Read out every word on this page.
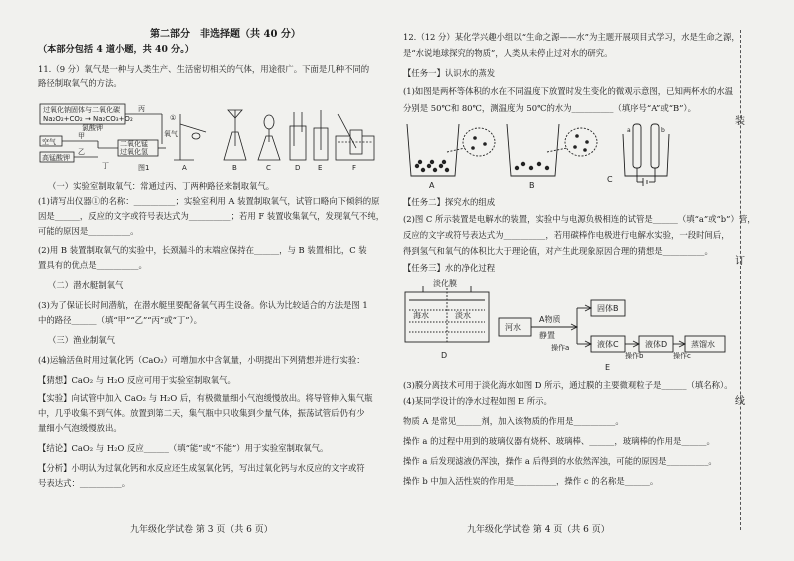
第二部分　非选择题（共 40 分）
（本部分包括 4 道小题，共 40 分。）
11.（9 分）氧气是一种与人类生产、生活密切相关的气体，用途很广。下面是几种不同的
路径制取氧气的方法。
过氧化钠固体与二氧化碳
Na₂O₂+CO₂ → Na₂CO₃+O₂
空气
高锰酸钾
二氧化锰
过氧化氢
甲
乙
丙
丁
氯酸钾
氧气
A	B	C	D	E	F
①
图1
（一）实验室制取氧气：常通过丙、丁两种路径来制取氧气。
(1)请写出仪器①的名称：__________；实验室利用 A 装置制取氧气，试管口略向下倾斜的原
因是______，反应的文字或符号表达式为__________；若用 F 装置收集氧气，发现氧气不纯，
可能的原因是__________。
(2)用 B 装置制取氧气的实验中，长颈漏斗的末端应保持在______，与 B 装置相比，C 装
置具有的优点是__________。
（二）潜水艇制氧气
(3)为了保证长时间潜航，在潜水艇里要配备氧气再生设备。你认为比较适合的方法是图 1
中的路径______（填“甲”“乙”“丙”或“丁”）。
（三）渔业制氧气
(4)运输活鱼时用过氧化钙（CaO₂）可增加水中含氧量，小明提出下列猜想并进行实验：
【猜想】CaO₂ 与 H₂O 反应可用于实验室制取氧气。
【实验】向试管中加入 CaO₂ 与 H₂O 后，有极微量细小气泡缓慢放出。将导管伸入集气瓶
中，几乎收集不到气体。放置到第二天，集气瓶中只收集到少量气体，振荡试管后仍有少
量细小气泡缓慢放出。
【结论】CaO₂ 与 H₂O 反应______（填“能”或“不能”）用于实验室制取氧气。
【分析】小明认为过氧化钙和水反应还生成氢氧化钙，写出过氧化钙与水反应的文字或符
号表达式：__________。
九年级化学试卷 第 3 页（共 6 页）
12.（12 分）某化学兴趣小组以“生命之源——水”为主题开展项目式学习，水是生命之源，
是“水说地球探究的物质”，人类从未停止过对水的研究。
【任务一】认识水的蒸发
(1)如图是两杯等体积的水在不同温度下放置时发生变化的微观示意图，已知两杯水的水温
分别是 50℃和 80℃，测温度为 50℃的水为__________（填序号“A”或“B”）。
A	B
C
a	b
【任务二】探究水的组成
(2)图 C 所示装置是电解水的装置，实验中与电源负极相连的试管是______（填“a”或“b”）管，
反应的文字或符号表达式为__________，若用碳棒作电极进行电解水实验，一段时间后，
得到氢气和氧气的体积比大于理论值，对产生此现象原因合理的猜想是__________。
【任务三】水的净化过程
淡化膜
海水	淡水
河水
A物质
静置
操作a
固体B
液体C
操作b
液体D
操作c
蒸馏水
D
E
(3)膜分离技术可用于淡化海水如图 D 所示，通过膜的主要微观粒子是______（填名称）。
(4)某同学设计的净水过程如图 E 所示。
物质 A 是常见______剂，加入该物质的作用是__________。
操作 a 的过程中用到的玻璃仪器有烧杯、玻璃棒、______，玻璃棒的作用是______。
操作 a 后发现滤液仍浑浊，操作 a 后得到的水依然浑浊，可能的原因是__________。
操作 b 中加入活性炭的作用是__________，操作 c 的名称是______。
九年级化学试卷 第 4 页（共 6 页）
装
订
线
